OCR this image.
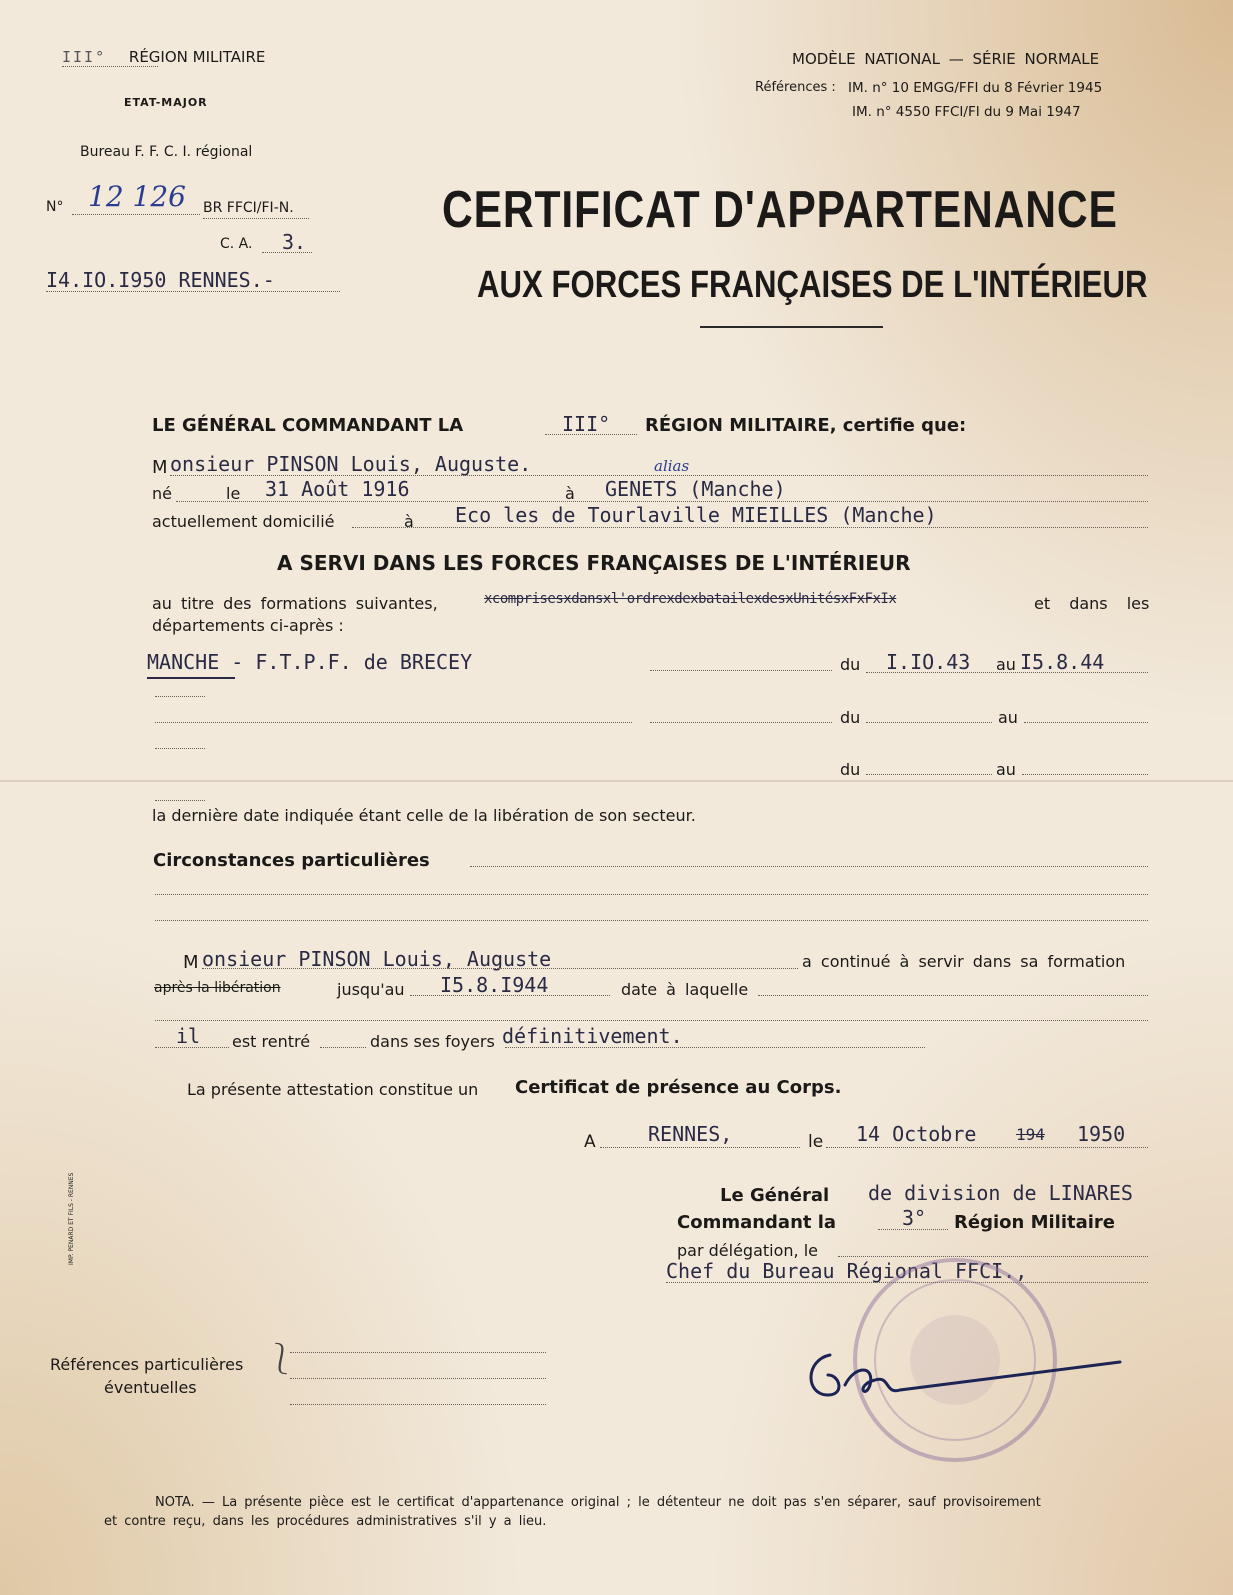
III° RÉGION MILITAIRE
ETAT-MAJOR
Bureau F. F. C. I. régional
N° 12 126 BR FFCI/FI-N.
C. A. 3.
I4.IO.I950 RENNES.-
MODÈLE NATIONAL — SÉRIE NORMALE
Références : IM. n° 10 EMGG/FFI du 8 Février 1945
IM. n° 4550 FFCI/FI du 9 Mai 1947
CERTIFICAT D'APPARTENANCE
AUX FORCES FRANÇAISES DE L'INTÉRIEUR
LE GÉNÉRAL COMMANDANT LA	III° RÉGION MILITAIRE, certifie que:
M onsieur PINSON Louis, Auguste.	alias
né	le 31 Août 1916	à GENETS (Manche)
actuellement domicilié	à Eco les de Tourlaville MIEILLES (Manche)
A SERVI DANS LES FORCES FRANÇAISES DE L'INTÉRIEUR
au titre des formations suivantes,	xcomprisesxdansxl'ordrexdexbatailexdesxUnitésxFxFxIx	et dans les
départements ci-après :
MANCHE - F.T.P.F. de BRECEY	du I.IO.43 au I5.8.44
du	au
du	au
la dernière date indiquée étant celle de la libération de son secteur.
Circonstances particulières
M onsieur PINSON Louis, Auguste	a continué à servir dans sa formation
après la libération	jusqu'au I5.8.I944	date à laquelle
il est rentré	dans ses foyers définitivement.
La présente attestation constitue un Certificat de présence au Corps.
A	RENNES,	le 14 Octobre 194 1950
Le Général de division de LINARES
Commandant la	3° Région Militaire
par délégation, le
Chef du Bureau Régional FFCI.,
Références particulières
éventuelles
⎱
IMP. PENARD ET FILS - RENNES
NOTA. — La présente pièce est le certificat d'appartenance original ; le détenteur ne doit pas s'en séparer, sauf provisoirement
et contre reçu, dans les procédures administratives s'il y a lieu.
